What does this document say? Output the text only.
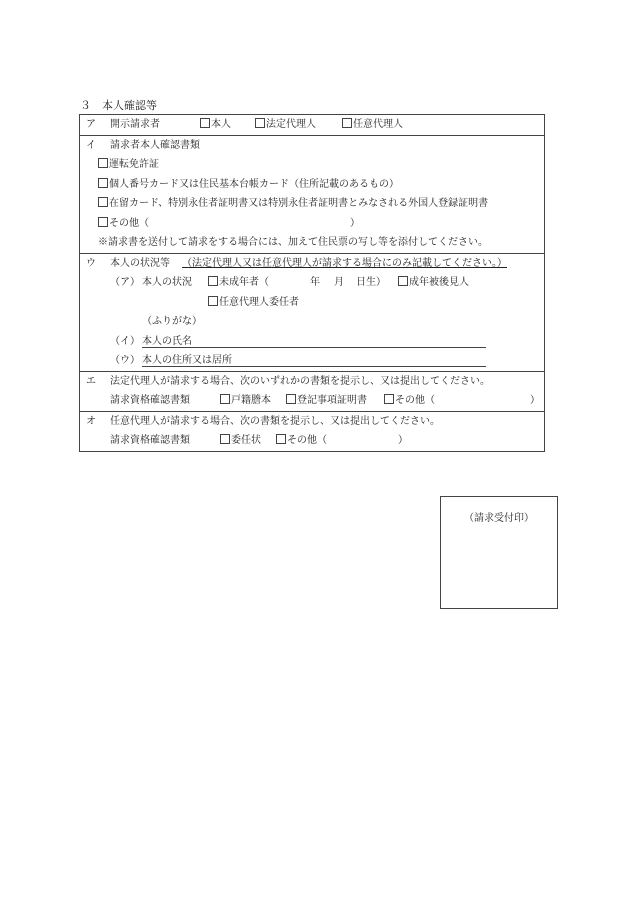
３　本人確認等
ア 開示請求者	本人	法定代理人	任意代理人
イ 請求者本人確認書類
運転免許証
個人番号カード又は住民基本台帳カード（住所記載のあるもの）
在留カード、特別永住者証明書又は特別永住者証明書とみなされる外国人登録証明書
その他（	）
※請求書を送付して請求をする場合には、加えて住民票の写し等を添付してください。
ウ 本人の状況等 （法定代理人又は任意代理人が請求する場合にのみ記載してください。）
（ア） 本人の状況	未成年者（	年 月 日生）	成年被後見人
任意代理人委任者
（ふりがな）
（イ） 本人の氏名
（ウ） 本人の住所又は居所
エ 法定代理人が請求する場合、次のいずれかの書類を提示し、又は提出してください。
請求資格確認書類	戸籍謄本	登記事項証明書	その他（	）
オ 任意代理人が請求する場合、次の書類を提示し、又は提出してください。
請求資格確認書類	委任状	その他（	）
（請求受付印）
